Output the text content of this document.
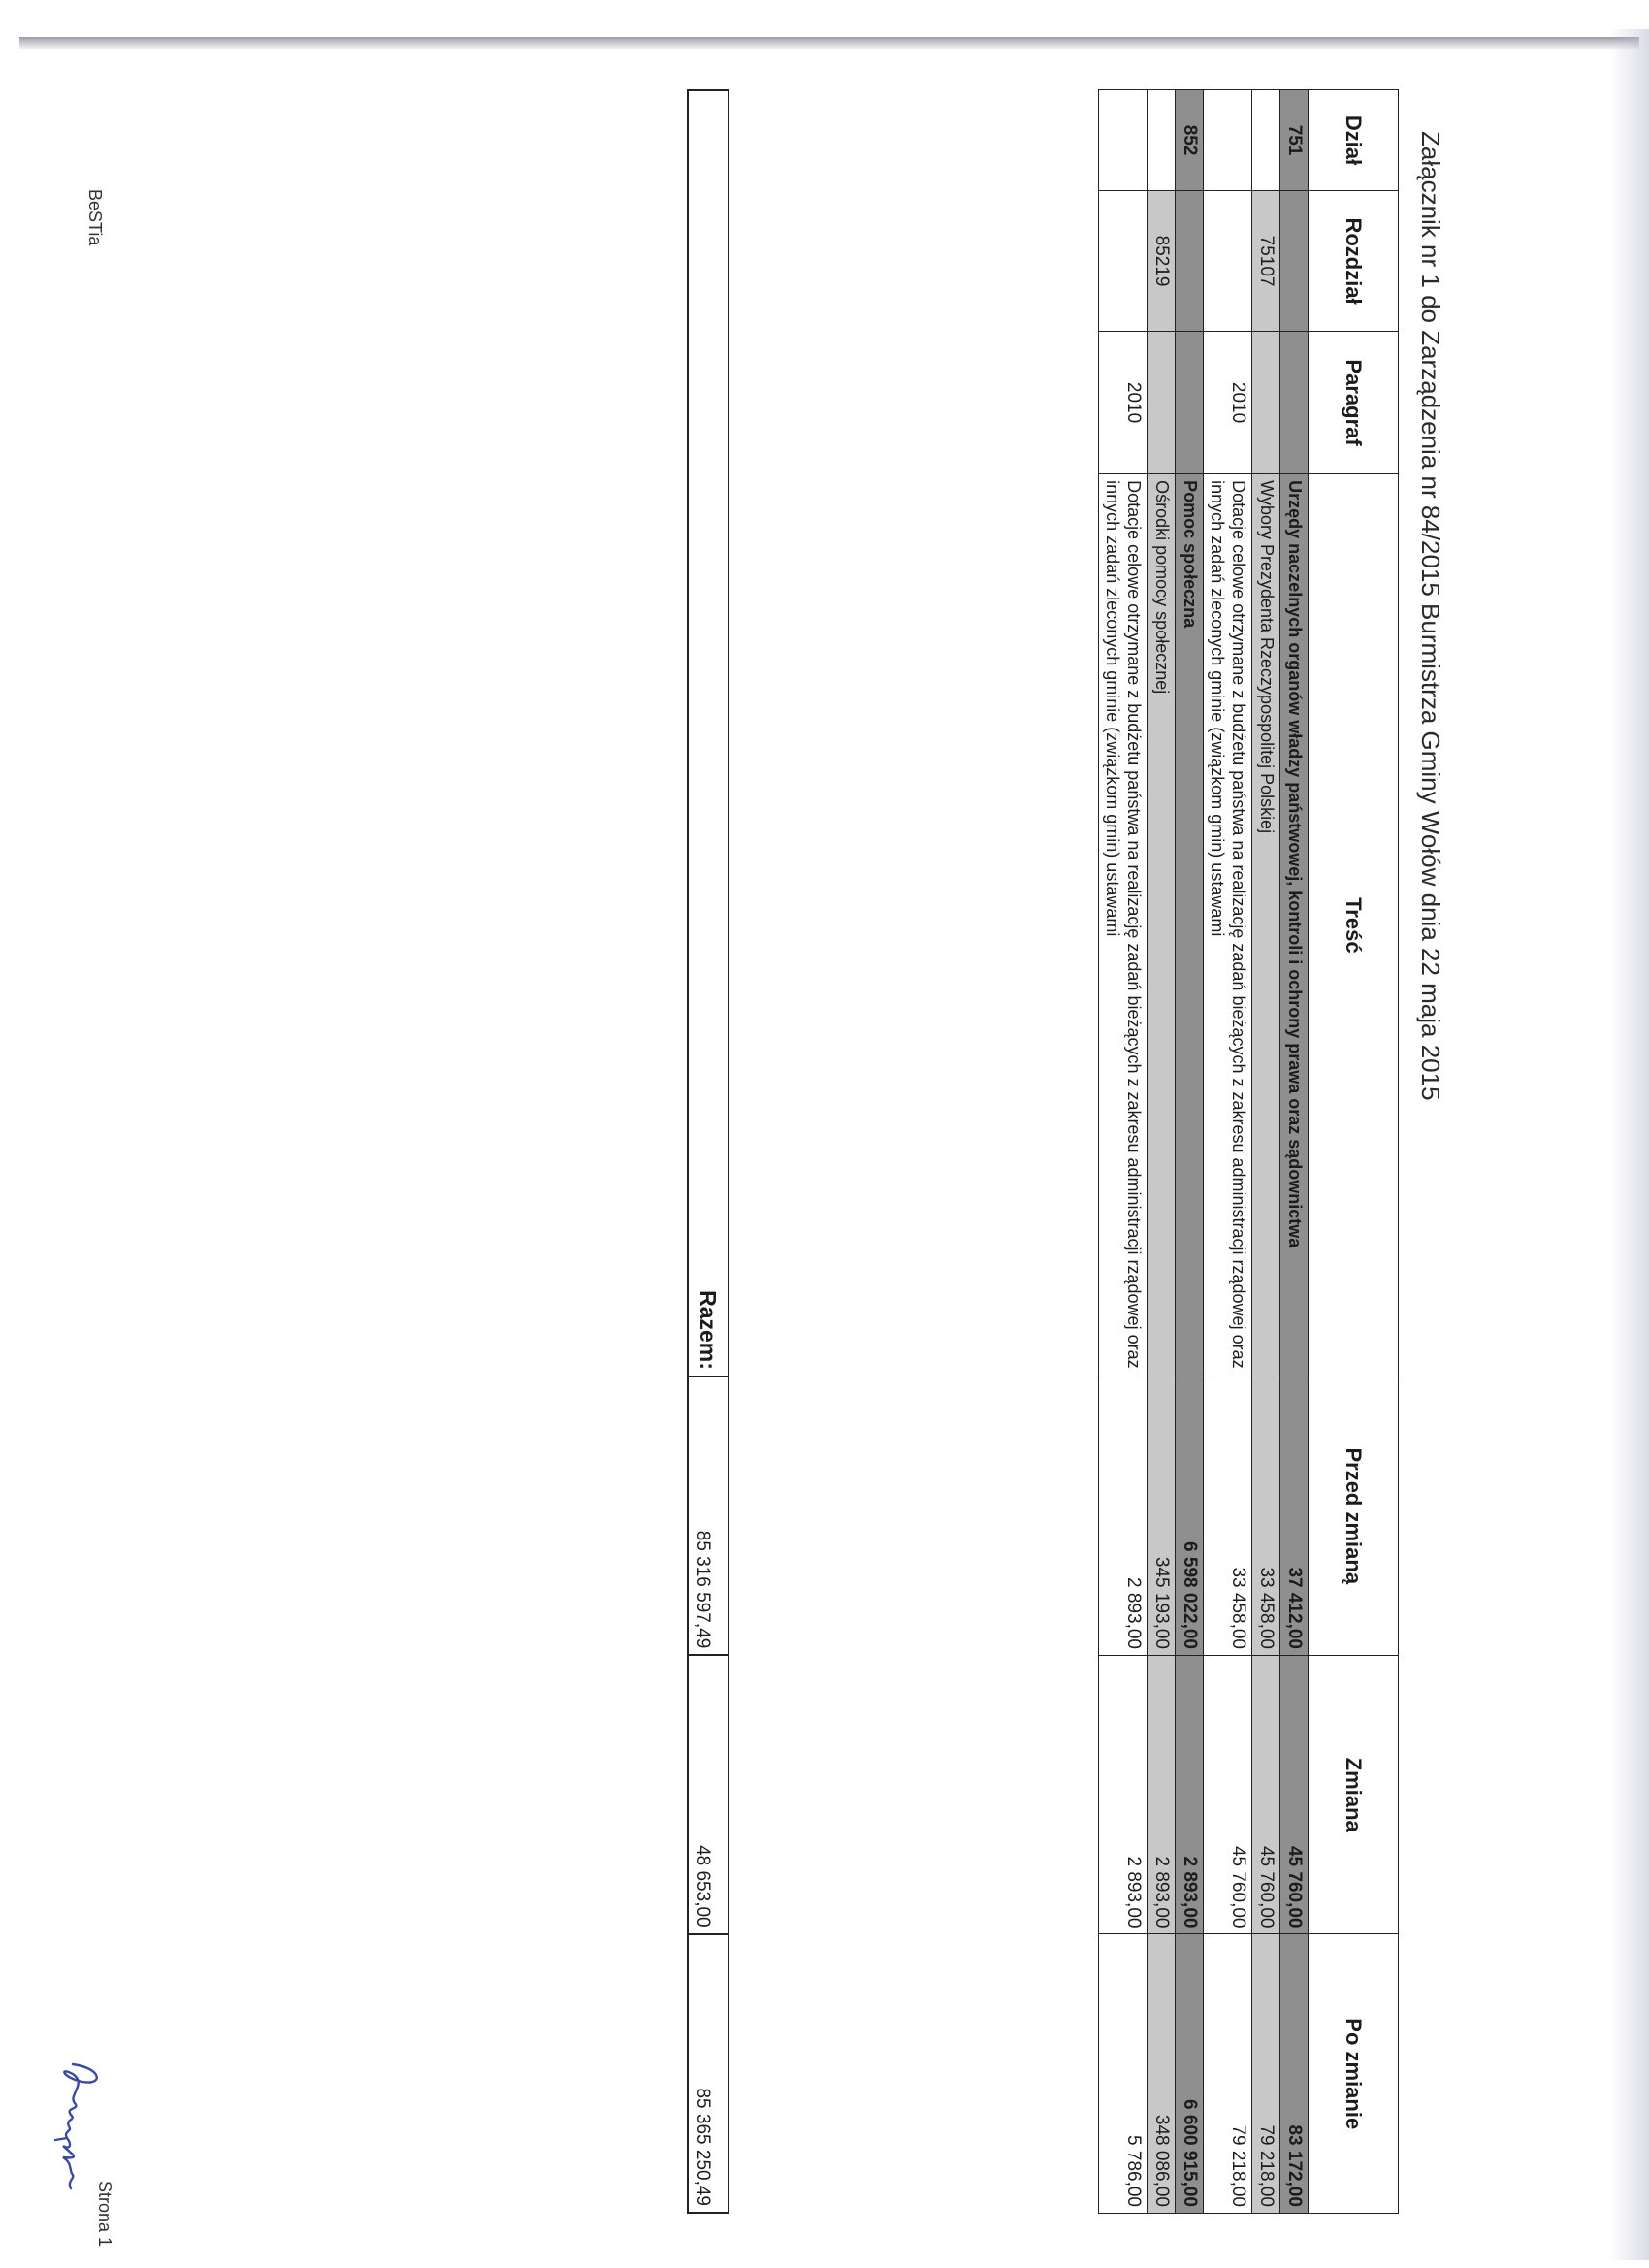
Załącznik nr 1 do Zarządzenia nr 84/2015 Burmistrza Gminy Wołów dnia 22 maja 2015
Dział	Rozdział	Paragraf	Treść	Przed zmianą	Zmiana	Po zmianie
751			Urzędy naczelnych organów władzy państwowej, kontroli i ochrony prawa oraz sądownictwa	37 412,00	45 760,00	83 172,00
	75107		Wybory Prezydenta Rzeczypospolitej Polskiej	33 458,00	45 760,00	79 218,00
		2010	Dotacje celowe otrzymane z budżetu państwa na realizację zadań bieżących z zakresu administracji rządowej oraz innych zadań zleconych gminie (związkom gmin) ustawami	33 458,00	45 760,00	79 218,00
852			Pomoc społeczna	6 598 022,00	2 893,00	6 600 915,00
	85219		Ośrodki pomocy społecznej	345 193,00	2 893,00	348 086,00
		2010	Dotacje celowe otrzymane z budżetu państwa na realizację zadań bieżących z zakresu administracji rządowej oraz innych zadań zleconych gminie (związkom gmin) ustawami	2 893,00	2 893,00	5 786,00
Razem:	85 316 597,49	48 653,00	85 365 250,49
BeSTia
Strona 1
